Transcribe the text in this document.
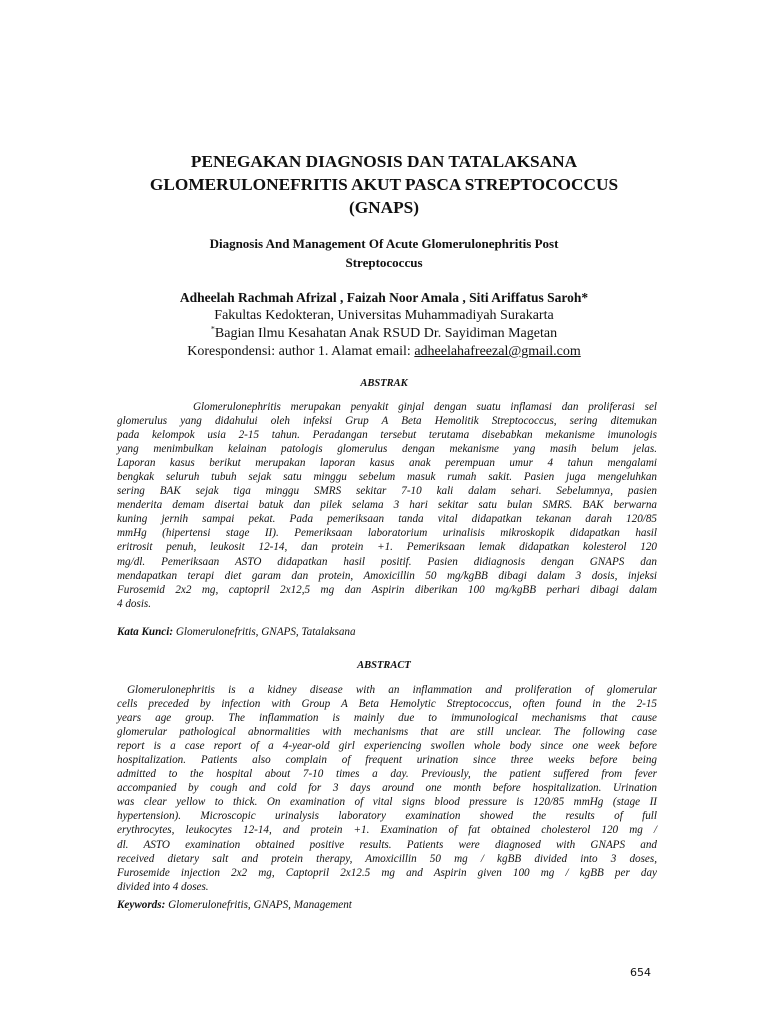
PENEGAKAN DIAGNOSIS DAN TATALAKSANA
GLOMERULONEFRITIS AKUT PASCA STREPTOCOCCUS
(GNAPS)
Diagnosis And Management Of Acute Glomerulonephritis Post
Streptococcus
Adheelah Rachmah Afrizal , Faizah Noor Amala , Siti Ariffatus Saroh*
Fakultas Kedokteran, Universitas Muhammadiyah Surakarta
*Bagian Ilmu Kesahatan Anak RSUD Dr. Sayidiman Magetan
Korespondensi: author 1. Alamat email: adheelahafreezal@gmail.com
ABSTRAK
Glomerulonephritis merupakan penyakit ginjal dengan suatu inflamasi dan proliferasi sel
glomerulus yang didahului oleh infeksi Grup A Beta Hemolitik Streptococcus, sering ditemukan
pada kelompok usia 2-15 tahun. Peradangan tersebut terutama disebabkan mekanisme imunologis
yang menimbulkan kelainan patologis glomerulus dengan mekanisme yang masih belum jelas.
Laporan kasus berikut merupakan laporan kasus anak perempuan umur 4 tahun mengalami
bengkak seluruh tubuh sejak satu minggu sebelum masuk rumah sakit. Pasien juga mengeluhkan
sering BAK sejak tiga minggu SMRS sekitar 7-10 kali dalam sehari. Sebelumnya, pasien
menderita demam disertai batuk dan pilek selama 3 hari sekitar satu bulan SMRS. BAK berwarna
kuning jernih sampai pekat. Pada pemeriksaan tanda vital didapatkan tekanan darah 120/85
mmHg (hipertensi stage II). Pemeriksaan laboratorium urinalisis mikroskopik didapatkan hasil
eritrosit penuh, leukosit 12-14, dan protein +1. Pemeriksaan lemak didapatkan kolesterol 120
mg/dl. Pemeriksaan ASTO didapatkan hasil positif. Pasien didiagnosis dengan GNAPS dan
mendapatkan terapi diet garam dan protein, Amoxicillin 50 mg/kgBB dibagi dalam 3 dosis, injeksi
Furosemid 2x2 mg, captopril 2x12,5 mg dan Aspirin diberikan 100 mg/kgBB perhari dibagi dalam
4 dosis.
Kata Kunci: Glomerulonefritis, GNAPS, Tatalaksana
ABSTRACT
Glomerulonephritis is a kidney disease with an inflammation and proliferation of glomerular
cells preceded by infection with Group A Beta Hemolytic Streptococcus, often found in the 2-15
years age group. The inflammation is mainly due to immunological mechanisms that cause
glomerular pathological abnormalities with mechanisms that are still unclear. The following case
report is a case report of a 4-year-old girl experiencing swollen whole body since one week before
hospitalization. Patients also complain of frequent urination since three weeks before being
admitted to the hospital about 7-10 times a day. Previously, the patient suffered from fever
accompanied by cough and cold for 3 days around one month before hospitalization. Urination
was clear yellow to thick. On examination of vital signs blood pressure is 120/85 mmHg (stage II
hypertension). Microscopic urinalysis laboratory examination showed the results of full
erythrocytes, leukocytes 12-14, and protein +1. Examination of fat obtained cholesterol 120 mg /
dl. ASTO examination obtained positive results. Patients were diagnosed with GNAPS and
received dietary salt and protein therapy, Amoxicillin 50 mg / kgBB divided into 3 doses,
Furosemide injection 2x2 mg, Captopril 2x12.5 mg and Aspirin given 100 mg / kgBB per day
divided into 4 doses.
Keywords: Glomerulonefritis, GNAPS, Management
654
